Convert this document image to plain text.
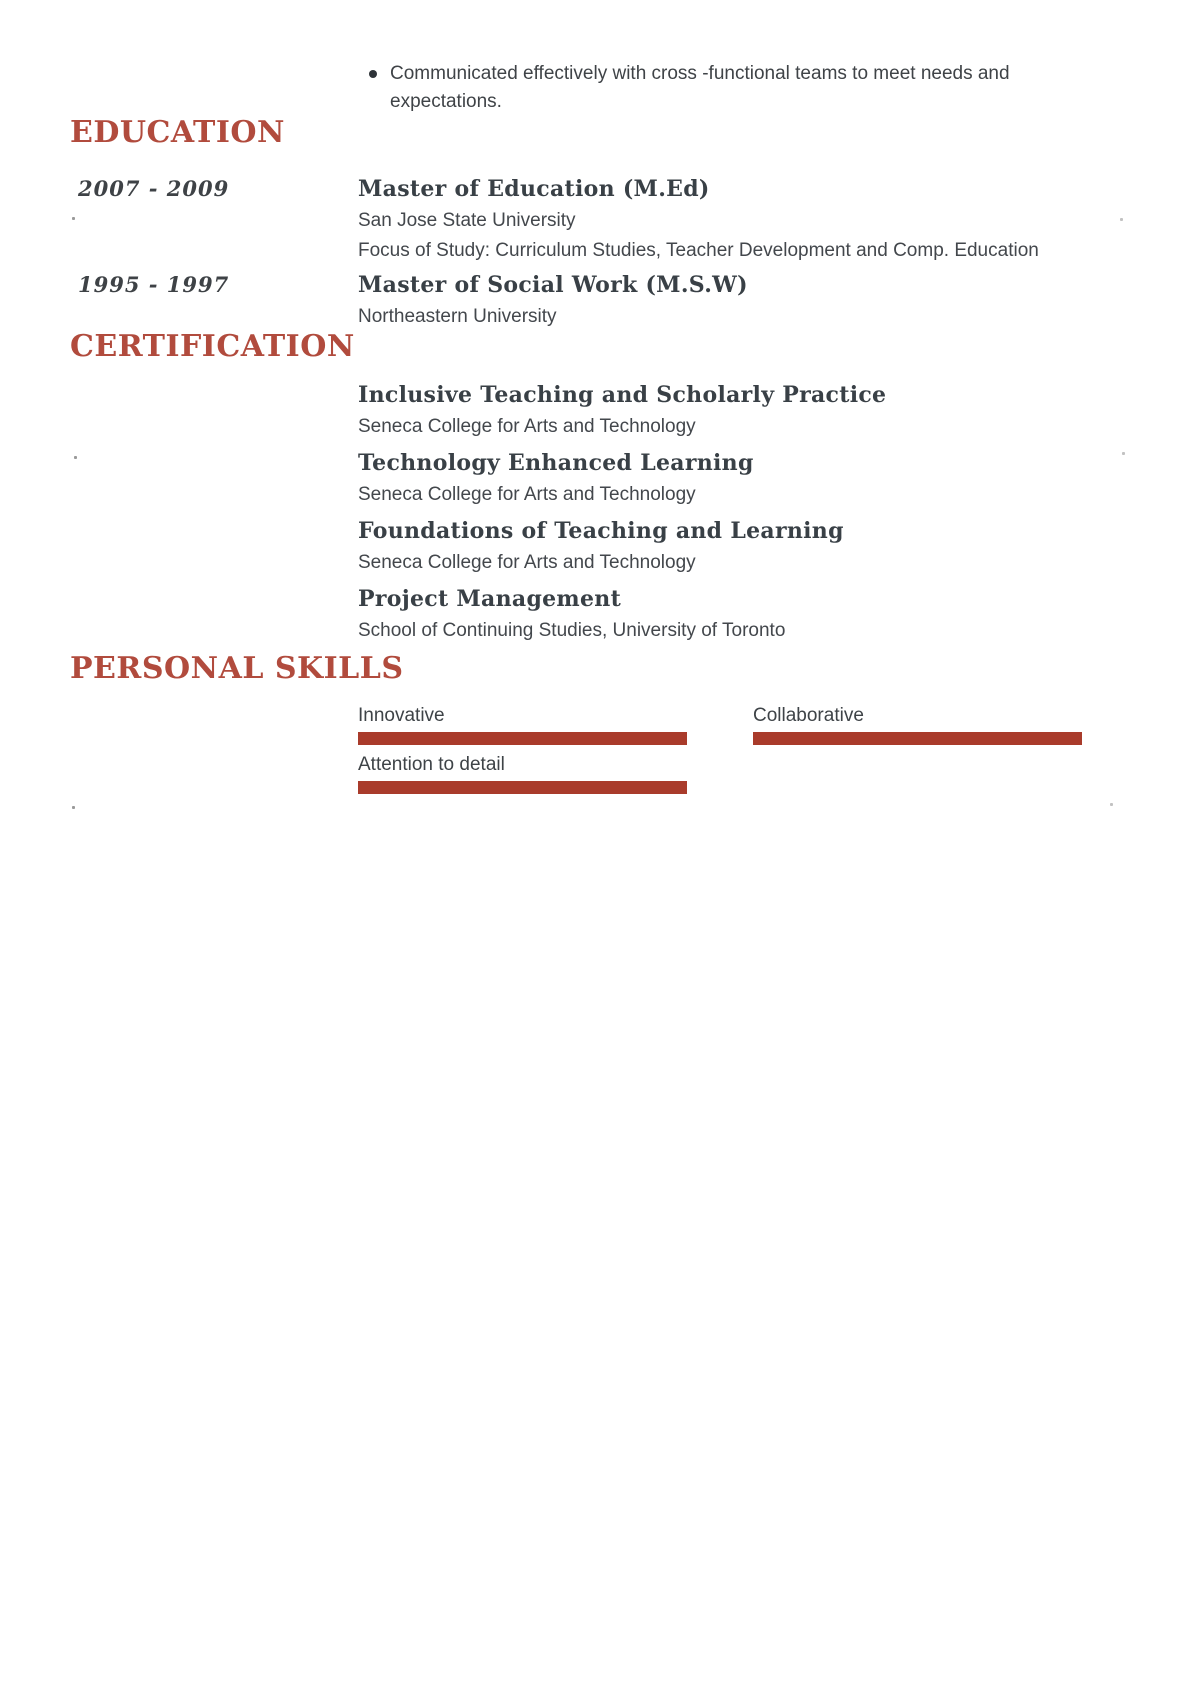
Communicated effectively with cross -functional teams to meet needs and expectations.
EDUCATION
2007 - 2009	Master of Education (M.Ed)
San Jose State University
Focus of Study: Curriculum Studies, Teacher Development and Comp. Education
1995 - 1997	Master of Social Work (M.S.W)
Northeastern University
CERTIFICATION
Inclusive Teaching and Scholarly Practice
Seneca College for Arts and Technology
Technology Enhanced Learning
Seneca College for Arts and Technology
Foundations of Teaching and Learning
Seneca College for Arts and Technology
Project Management
School of Continuing Studies, University of Toronto
PERSONAL SKILLS
Innovative	Collaborative
Attention to detail
